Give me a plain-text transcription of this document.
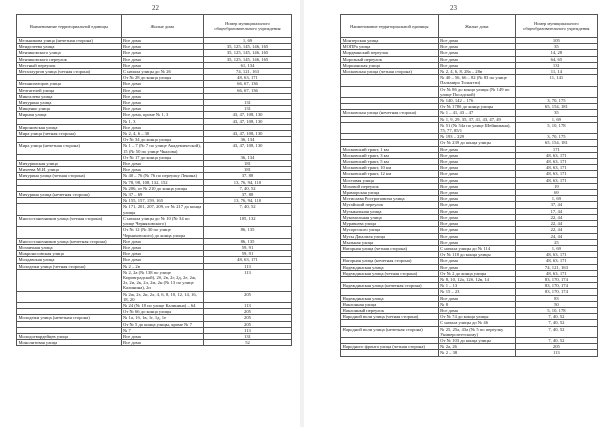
22
Наименование территориальной единицы	Жилые дома	Номер муниципального общеобразовательного учреждения
Мельникова улица (нечетная сторона)	Все дома	1, 69
Менделеева улица	Все дома	35, 125, 145, 146, 165
Мензиковского улица	Все дома	35, 125, 145, 146, 165
Мензиковского переулок	Все дома	35, 125, 145, 146, 165
Местный переулок	Все дома	61, 134
Металлургов улица (четная сторона)	С начала улицы до № 26	74, 121, 163
	От № 28 до конца улицы	48, 63, 171
Механизаторов улица	Все дома	66, 67, 136
Мечтателей улица	Все дома	66, 67, 136
Мингалева улица	Все дома	
Мичурина улица	Все дома	131
Мищенко улица	Все дома	131
Мирная улица	Все дома, кроме № 1, 3	43, 47, 108, 130
	№ 1, 3	43, 47, 108, 130
Мироновская улица	Все дома	
Мира улица (четная сторона)	№ 2, 4, 6 – 30	43, 47, 108, 130
	От № 34 до конца улицы	36, 134
Мира улица (нечетная сторона)	№ 1 – 7 (№ 7 по улице Академической), 15 (№ 50 по улице Чкалова)	43, 47, 108, 130
	От № 17 до конца улицы	36, 134
Мичуринская улица	Все дома	181
Михеева М.И. улица	Все дома	181
Мичурина улица (четная сторона)	№ 40 – 76 (№ 76 по переулку Ленина)	37, 88
	№ 78, 98, 108, 132, 152	13, 76, 94, 110
	№ 206, от № 210 до конца улицы	7, 40, 52
Мичурина улица (нечетная сторона)	№ 37 – 69	37, 88
	№ 155, 157, 159, 165	13, 76, 94, 110
	№ 171, 201, 207, 209, от № 217 до конца улицы	7, 40, 52
Многостаночников улица (четная сторона)	С начала улицы до № 10 (№ 34 по улице Черняховского)	105, 132
	От № 12 (№ 30 по улице Черняховского) до конца улицы	86, 135
Многостаночников улица (нечетная сторона)	Все дома	86, 135
Мозаичная улица	Все дома	59, 91
Мокроносовская улица	Все дома	59, 91
Молдавская улица	Все дома	48, 63, 171
Молодежи улица (четная сторона)	№ 2 – 2в	113
	№ 2, 2а (№ 138 по улице Кировградской), 2б, 2в, 2г, 2д, 2е, 2ж, 2з, 2и, 2к, 2л, 2м, 2н (№ 13 по улице Калинина), 2п	113
	№ 2ж, 2з, 2и, 2л, 4, 6, 8, 10, 12, 14, 16, 18, 20	205
	№ 24 (№ 18 по улице Калинина) – 64	113
	От № 66 до конца улицы	205
Молодежи улица (нечетная сторона)	№ 1а, 1б, 1в, 1г, 1д, 1е	205
	От № 5 до конца улицы, кроме № 7	205
	№ 7	113
Молодогвардейцев улица	Все дома	131
Монолитовая улица	Все дома	52
23
Наименование территориальной единицы	Жилые дома	Номер муниципального общеобразовательного учреждения
Монтерская улица	Все дома	105
МОПРа улица	Все дома	35
Мордвинский переулок	Все дома	14, 28
Морозный переулок	Все дома	64, 65
Моршанская улица	Все дома	131
Московская улица (четная сторона)	№ 2, 4, 6, 8, 28а – 28в	11, 14
	№ 40 – 56, 66 – 82 (№ 83 по улице Пальмиро Тольятти)	11, 141
	От № 86 до конца улицы (№ 149 по улице Посадской)	
	№ 140, 142 – 176	3, 70, 175
	От № 178б до конца улицы	65, 154, 181
Московская улица (нечетная сторона)	№ 1 – 41, 43 – 47	35
	№ 1, 9, 29, 35, 37, 41, 43, 47, 49	1, 69
	№ 51 (№ 54а по улице Шейнкмана), 75, 77, 85/1	5, 10, 178
	№ 193 – 229	3, 70, 175
	От № 239 до конца улицы	65, 154, 181
Московский тракт, 1 км	Все дома	171
Московский тракт, 3 км	Все дома	48, 63, 171
Московский тракт, 5 км	Все дома	48, 63, 171
Московский тракт, 10 км	Все дома	48, 63, 171
Московский тракт, 12 км	Все дома	48, 63, 171
Мостовая улица	Все дома	48, 63, 171
Моховой переулок	Все дома	19
Мраморская улица	Все дома	69
Мстислава Ростроповича улица	Все дома	1, 69
Мугайский переулок	Все дома	37, 44
Музыкальная улица	Все дома	17, 44
Мукомольная улица	Все дома	22, 44
Муравьева улица	Все дома	22, 44
Мусоргского улица	Все дома	22, 44
Мусы Джалиля улица	Все дома	24, 44
Мыльная улица	Все дома	25
Нагорная улица (четная сторона)	С начала улицы до № 114	1, 69
	От № 118 до конца улицы	48, 63, 171
Нагорная улица (нечетная сторона)	Все дома	48, 63, 171
Надеждинская улица	Все дома	74, 121, 163
Надеждинская улица (четная сторона)	От № 2 до конца улицы	48, 63, 171
	№ 8, 10, 12а, 12б, 12в, 14	83, 170, 174
Надеждинская улица (нечетная сторона)	№ 1 – 13	83, 170, 174
	№ 15 – 23	83, 170, 174
Надеждинская улица	Все дома	83
Наклонная улица	№ 8	50
Наклонный переулок	Все дома	5, 10, 178
Народной воли улица (четная сторона)	От № 74 до конца улицы	7, 40, 52
	С начала улицы до № 46	7, 40, 52
Народной воли улица (нечетная сторона)	№ 25, 25а, 43а (№ 5 по переулку Университетскому)	7, 40, 52
	От № 103 до конца улицы	7, 40, 52
Народного фронта улица (четная сторона)	№ 2а, 26	205
	№ 2 – 38	113
